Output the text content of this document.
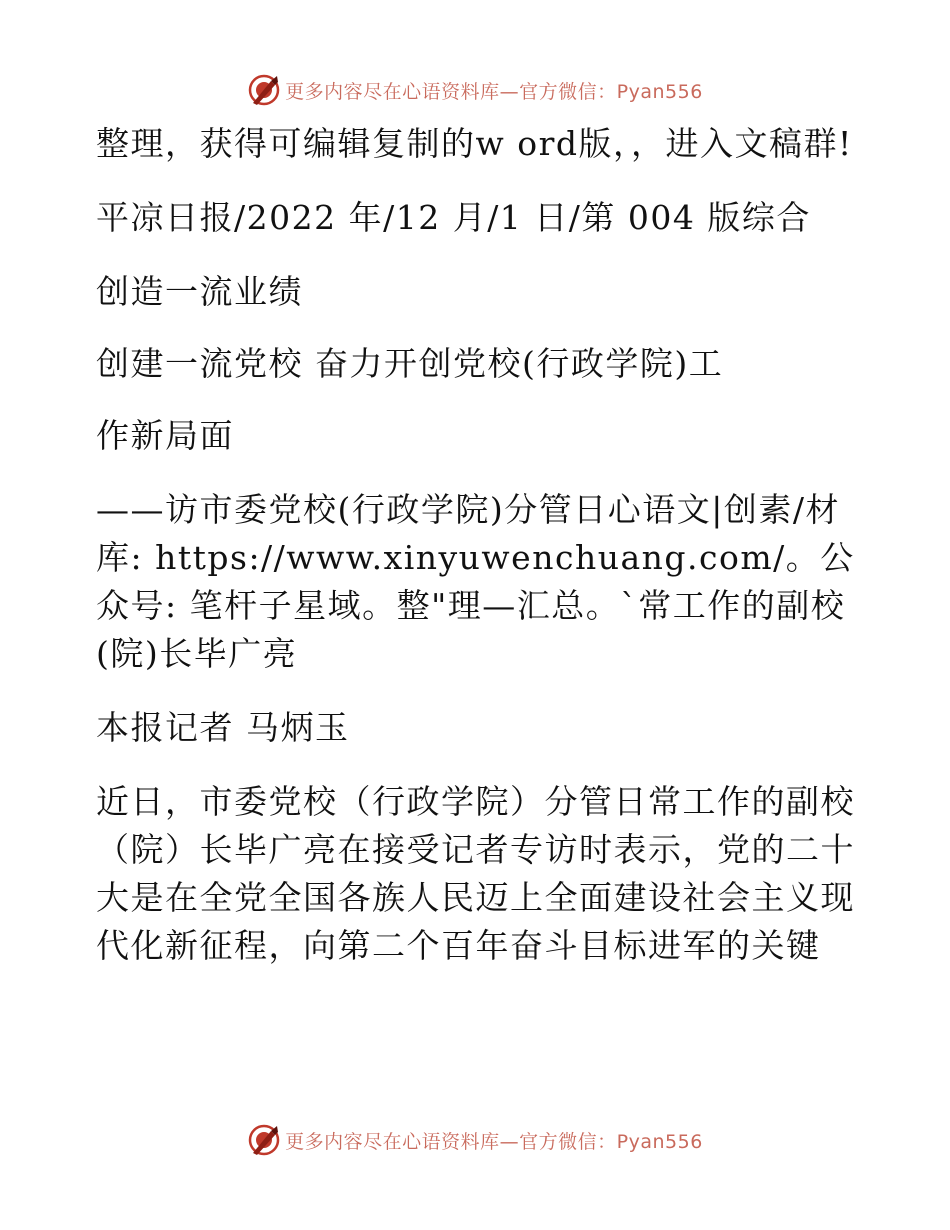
更多内容尽在心语资料库—官方微信：Pyan556

整理，获得可编辑复制的w ord版，，进入文稿群!

平凉日报/2022 年/12 月/1 日/第 004 版综合

创造一流业绩

创建一流党校 奋力开创党校(行政学院)工

作新局面

——访市委党校(行政学院)分管日心语文|创素/材库: https://www.xinyuwenchuang.com/。公众号: 笔杆子星域。整"理—汇总。`常工作的副校(院)长毕广亮

本报记者 马炳玉

近日，市委党校（行政学院）分管日常工作的副校（院）长毕广亮在接受记者专访时表示，党的二十大是在全党全国各族人民迈上全面建设社会主义现代化新征程，向第二个百年奋斗目标进军的关键

更多内容尽在心语资料库—官方微信：Pyan556
